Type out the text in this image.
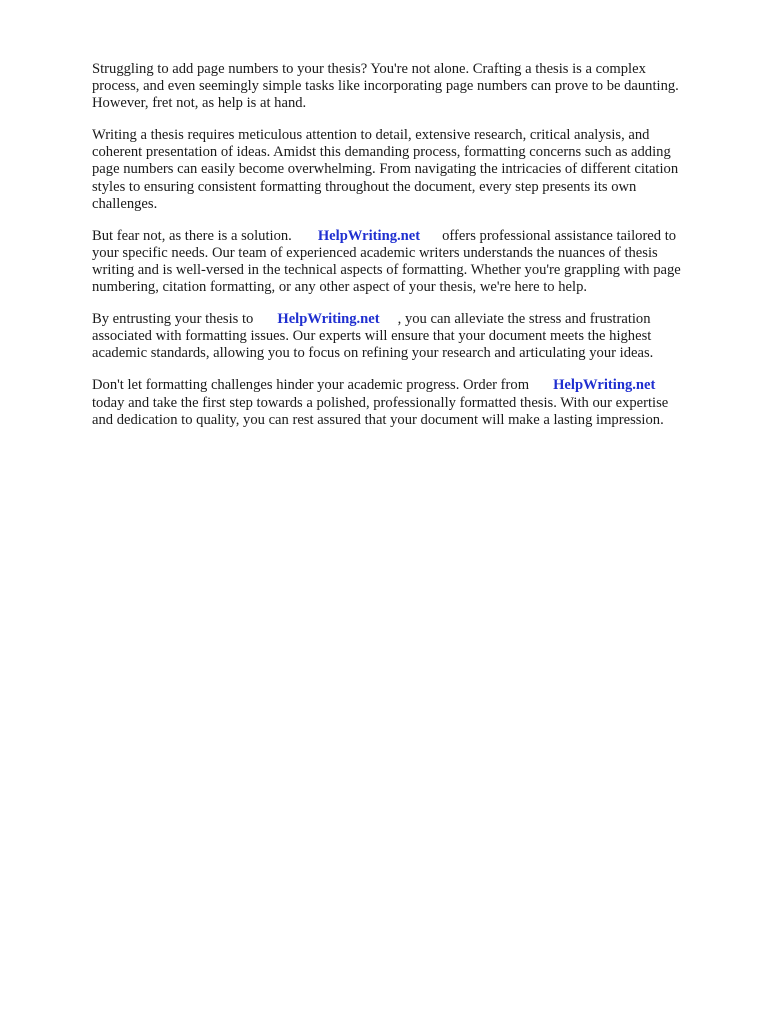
Struggling to add page numbers to your thesis? You're not alone. Crafting a thesis is a complex
process, and even seemingly simple tasks like incorporating page numbers can prove to be daunting.
However, fret not, as help is at hand.

Writing a thesis requires meticulous attention to detail, extensive research, critical analysis, and
coherent presentation of ideas. Amidst this demanding process, formatting concerns such as adding
page numbers can easily become overwhelming. From navigating the intricacies of different citation
styles to ensuring consistent formatting throughout the document, every step presents its own
challenges.

But fear not, as there is a solution. HelpWriting.net offers professional assistance tailored to
your specific needs. Our team of experienced academic writers understands the nuances of thesis
writing and is well-versed in the technical aspects of formatting. Whether you're grappling with page
numbering, citation formatting, or any other aspect of your thesis, we're here to help.

By entrusting your thesis to HelpWriting.net , you can alleviate the stress and frustration
associated with formatting issues. Our experts will ensure that your document meets the highest
academic standards, allowing you to focus on refining your research and articulating your ideas.

Don't let formatting challenges hinder your academic progress. Order from HelpWriting.net
today and take the first step towards a polished, professionally formatted thesis. With our expertise
and dedication to quality, you can rest assured that your document will make a lasting impression.
